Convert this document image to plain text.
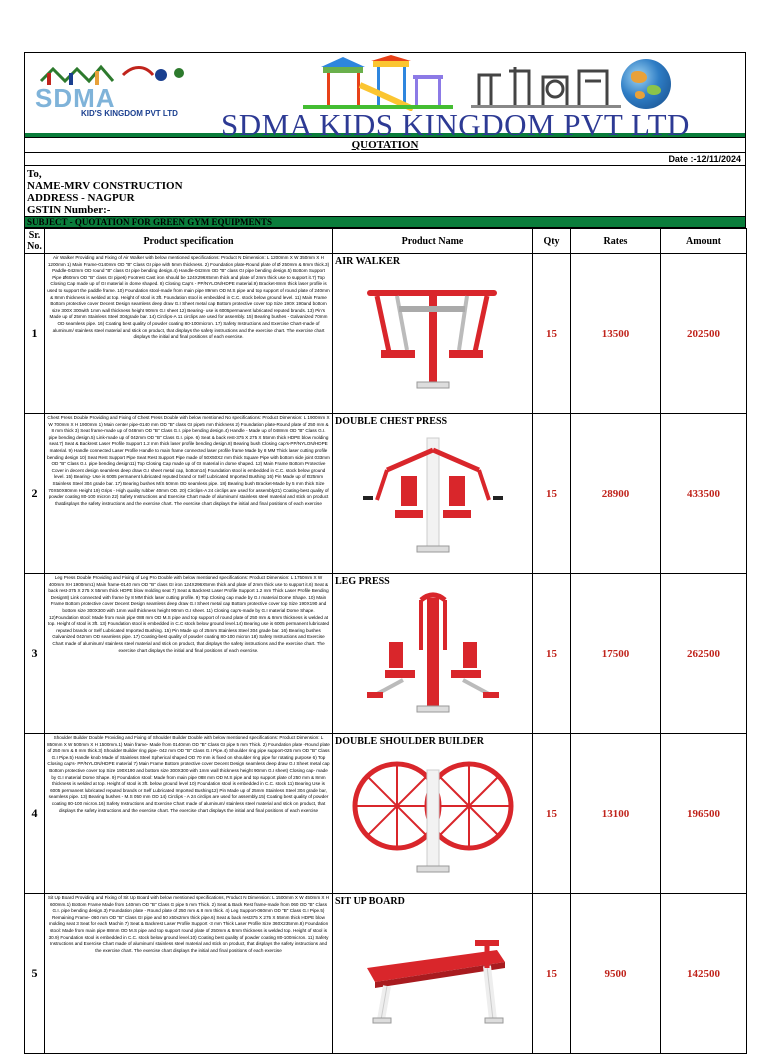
SDMA
KID'S KINGDOM PVT LTD SDMA KIDS KINGDOM PVT LTD
QUOTATION
Date :-12/11/2024
To,
NAME-MRV CONSTRUCTION
ADDRESS - NAGPUR
GSTIN Number:-
SUBJECT - QUOTATION FOR GREEN GYM EQUIPMENTS
Sr. No.	Product specification	Product Name	Qty	Rates	Amount
1	Air Walker Providing and Fixing of Air Walker with below mentioned specifications: Product N Dimension: L 1200mm X W 350mm X H 1200mm 1) Main Frame-0140mm OD "B" Class GI pipe with 5mm thickness. 2) Foundation plate-Round plate of Ø 250mm & 8mm thick.3) Paddle-042mm OD round "B" class GI pipe bending design.4) Handle-042mm OD "B" class GI pipe bending design.5) Bottom Support Pipe Ø60mm OD "B" class GI pipe6) Footrest Cast iron should be 124X296X5mm thick and plate of 2mm thick use to support it.7) Top Closing Cap made up of GI material in dome shaped. 8) Closing Cap's - PP/NYLON/HDPE material.9) Bracket-8mm thick laser profile is used to support the paddle frame. 10) Foundation stool-made from main pipe 89mm OD M.S pipe and top support of round plate of 240mm & 8mm thickness is welded at top. Height of stool is 3ft. Foundation stool is embedded in C.C. stock below ground level. 11) Main Frame Bottom protective cover Decent Design seamless deep draw G.I Sheet metal cap Bottom protective cover top Size 190X 190and bottom size 300X 300with 1mm wall thickness height 90mm G.I sheet 12) Bearing- use is 6005permanent lubricated reputed brands. 13) Pin's Made up of 25mm Stainless Steel 304grade bar. 14) Circlips-A 11 circlips are used for assembly. 15) Bearing bushes - Galvanized 70mm OD seamless pipe. 16) Coating best quality of powder coating 80-100micron. 17) Safety Instructions and Exercise Chart-made of aluminum/ stainless steel material and stick on product, that displays the safety instructions and the exercise chart. The exercise chart displays the initial and final positions of each exercise.	AIR WALKER	15	13500	202500
2	Chest Press Double Providing and Fixing of Chest Press Double with below mentioned No specifications: Product Dimension: L 1900mm X W 700mm X H 1900mm 1) Main center pipe-0140 mm OD "B" class GI pipe5 mm thickness 2) Foundation plate-Round plate of 250 mm & 8 mm thick 3) Seat frame-made up of 048mm OD "B" Class G.I. pipe bending design.4) Handle - Made up of 048mm OD "B" Class G.I. pipe bending design.5) Link-made up of 042mm OD "B" Class G.I. pipe. 6) Seat & back rest-375 X 275 X 55mm thick HDPE blow molding seat.7) Seat & Backrest Laser Profile Support 1.2 mm thick laser profile bending design.8) Bearing bush Closing cap's-PP/NYLON/HDPE material. 9) Handle connected Laser Profile Handle to main frame connected laser profile frame Made by 8 MM Thick laser cutting profile bending design 10) Seat Rest Support Pipe Seat Rest Support Pipe made of 50X50X2 mm thick Square Pipe with bottom side joint 033mm OD "B" Class G.I. pipe bending design11) Top Closing Cap made up of GI material in dome shaped. 12) Main Frame Bottom Protective Cover in decent design seamless deep draw G.I sheet metal cap, bottom14) Foundation stool is embedded in C.C. stock below ground level. 15) Bearing- Use is 6005 permanent lubricated reputed brand or Self Lubricated Imported Bushing 16) Pin Made up of Ð25mm Stainless Steel 304 grade bar. 17) Bearing bushes M/S 50mm OD seamless pipe. 18) Bearing bush Bracket-Made by 5 mm thick Size 70X50X80mm Height 19) Grips - High quality rubber 40mm OD. 20) Circlips-A 24 circlips are used for assembly21) Coating-best quality of powder coating 80-100 micron 22) Safety Instructions and Exercise Chart made of aluminum/ stainless steel material and stick on product thatdisplays the safety instructions and the exercise chart. The exercise chart displays the initial and final positions of each exercise	DOUBLE CHEST PRESS	15	28900	433500
3	Leg Press Double Providing and Fixing of Leg Pro Double with below mentioned specifications: Product Dimension: L 1750mm X W 400mm XH 1900mm1) Main frame-0140 mm OD "B" class GI iron 124X296X5mm thick and plate of 2mm thick use to support it.6) Seat & back rest-375 X 275 X 55mm thick HDPE blow molding seat 7) Seat & Backrest Laser Profile Support 1.2 mm Thick Laser Profile Bending Design8) Link connected with frame by 8 MM thick laser cutting profile. 9) Top Closing cap made by G.I material Dome Shape. 10) Main Frame Bottom protective cover Decent Design seamless deep draw G.I Sheet metal cap Bottom protective cover top Size 190X190 and bottom size 300X300 with 1mm wall thickness height 90mm G.I sheet. 11) Closing cap's-made by G.I material Dome Shape. 12)Foundation stool: Made from main pipe 088 mm OD M.S pipe and top support of round plate of 250 mm & 8mm thickness is welded at top. Height of stool is 3ft. 13) Foundation stool is embedded in C.C stock below ground level.14) Bearing use is 6005 permanent lubricated reputed brands or Self Lubricated Imported Bushing. 15) Pin Made up of 25mm Stainless Steel 304 grade bar. 16) Bearing bushes Galvanized 042mm OD seamless pipe. 17) Coating-best quality of powder coating 80-100 micron 18) Safety Instructions and Exercise Chart made of aluminum/ stainless steel material and stick on product, that displays the safety instructions and the exercise chart. The exercise chart displays the initial and final positions of each exercise.	LEG PRESS	15	17500	262500
4	Shoulder Builder Double Providing and Fixing of Shoulder Builder Double with below mentioned specifications: Product Dimension: L 850mm X W 500mm X H 1500mm.1) Main frame- Made from 0140mm OD "B" Class GI pipe 5 mm Thick. 2) Foundation plate -Round plate of 250 mm & 8 mm thick.3) Shoulder Builder ring pipe- 042 mm OD "B" Class G.I Pipe.4) Shoulder ring pipe support-025 mm OD "B" Class G.I Pipe.5) Handle knob Made of Stainless Steel Spherical shaped OD 70 mm is fixed on shoulder ring pipe for rotating purpose 6) Top Closing cap's- PP/NYLON/HDPE material 7) Main Frame Bottom protective cover Decent Design seamless deep draw G.I Sheet metal cap Bottom protective cover top Size 190X190 and bottom size 300X300 with 1mm wall thickness height 90mm G.I sheet) Closing cap- made by G.I material Dome Shape. 9) Foundation stool: Made from main pipe 088 mm OD M.S pipe and top support plate of 250 mm & 8mm thickness is welded at top. Height of stool is 3ft. below ground level 10) Foundation stool is embedded in C.C. stock 11) Bearing Use is 6005 permanent lubricated reputed brands or Self Lubricated Imported Bushing12) Pin Made up of 25mm Stainless Steel 304 grade bar, seamless pipe. 13) Bearing bushes - M.S 050 mm OD 14) Circlips - A 24 circlips are used for assembly.15) Coating best quality of powder coating 80-100 micron.16) Safety Instructions and Exercise Chart made of aluminum/ stainless steel material and stick on product, that displays the safety instructions and the exercise chart. The exercise chart displays the initial and final positions of each exercise	DOUBLE SHOULDER BUILDER	15	13100	196500
5	Sit Up Board Providing and Fixing of Sit Up Board with below mentioned specifications, Product N Dimension: L 1500mm X W 450mm X H 600mm.1) Bottom Frame Made from 140mm OD "B" Class G pipe 5 mm Thick. 2) Seat & Back Rest frame-made from 060 OD "B" Class G.I. pipe bending design.3) Foundation plate - Round plate of 250 mm & 8 mm thick. 4) Leg Support-060mm OD "B" Class G.I Pipe.5) Remaining Frame- 060 mm OD "B" Class GI pipe and 50 x50x2mm thick pipe.6) Seat & back rest375 X 275 X 55mm thick HDPE blow molding seat 3 Seat for each Machin 7) Seat & Backrest Laser Profile Support -3 mm Thick Laser Profile Size 360X235mm.8) Foundation stool: Made from main pipe 88mm OD M.S pipe and top support round plate of 250mm & 8mm thickness is welded top. Height of stool is 30.9) Foundation stool is embedded in C.C. stock below ground level.10) Coating best quality of powder coating 80-100micron. 11) Safety Instructions and Exercise Chart made of aluminum/ stainless steel material and stick on product, that displays the safety instructions and the exercise chart. The exercise chart displays the initial and final positions of each exercise	SIT UP BOARD	15	9500	142500
